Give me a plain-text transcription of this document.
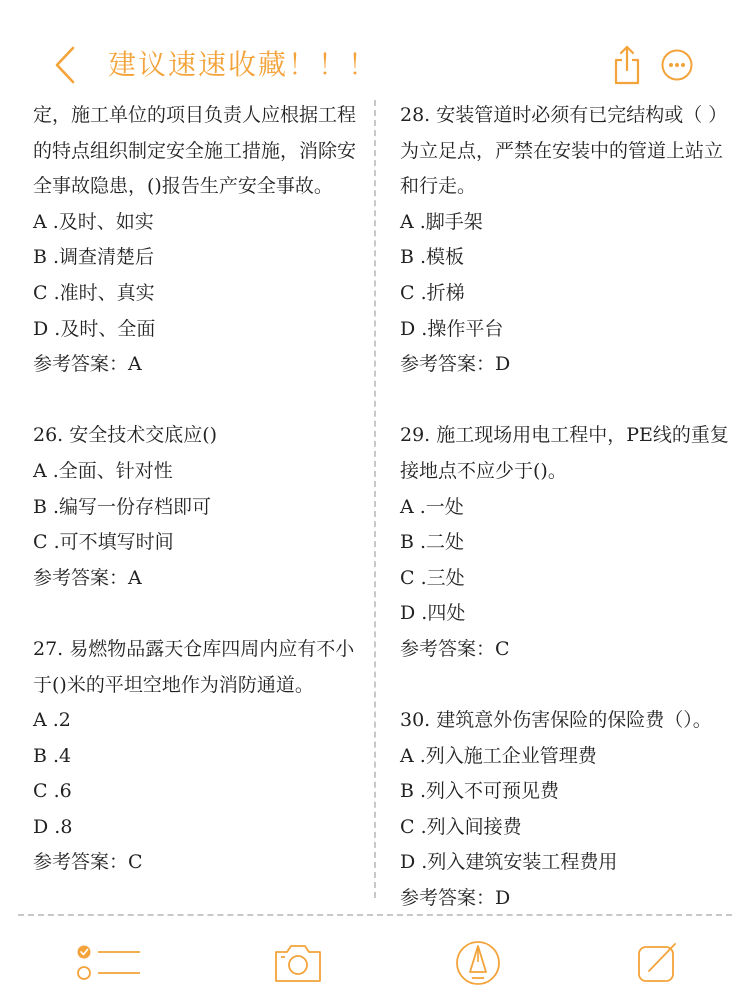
建议速速收藏！！！

定，施工单位的项目负责人应根据工程

的特点组织制定安全施工措施，消除安

全事故隐患，()报告生产安全事故。

A .及时、如实

B .调查清楚后

C .准时、真实

D .及时、全面

参考答案：A

26. 安全技术交底应()

A .全面、针对性

B .编写一份存档即可

C .可不填写时间

参考答案：A

27. 易燃物品露天仓库四周内应有不小

于()米的平坦空地作为消防通道。

A .2

B .4

C .6

D .8

参考答案：C

28. 安装管道时必须有已完结构或（ ）

为立足点，严禁在安装中的管道上站立

和行走。

A .脚手架

B .模板

C .折梯

D .操作平台

参考答案：D

29. 施工现场用电工程中，PE线的重复

接地点不应少于()。

A .一处

B .二处

C .三处

D .四处

参考答案：C

30. 建筑意外伤害保险的保险费（）。

A .列入施工企业管理费

B .列入不可预见费

C .列入间接费

D .列入建筑安装工程费用

参考答案：D
